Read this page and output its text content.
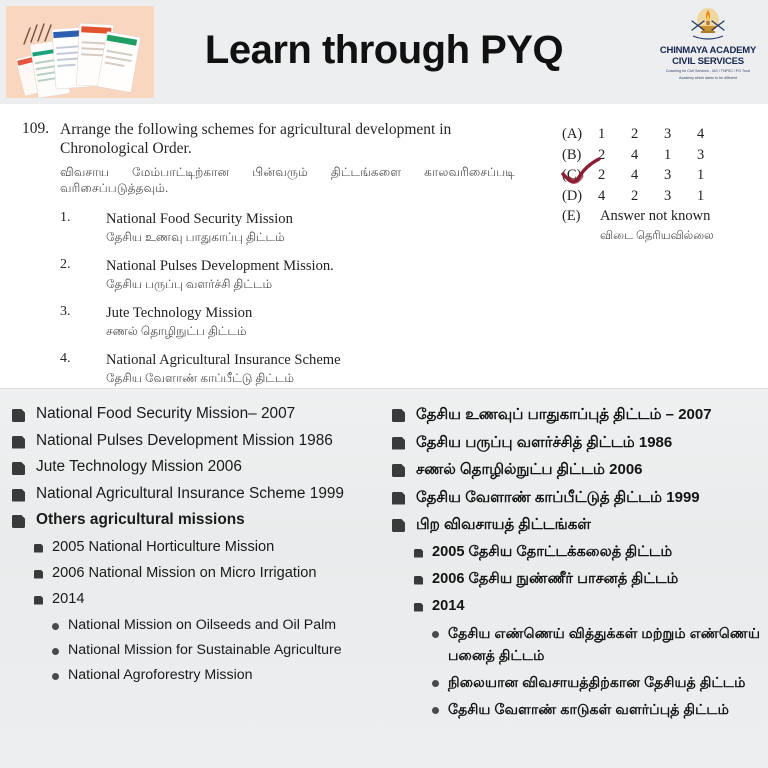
Learn through PYQ	CHINMAYA ACADEMY
CIVIL SERVICES
Coaching for Civil Services - IAS / TNPSC / PG Trust
Academy which dares to be different
109. Arrange the following schemes for agricultural development in Chronological Order.
விவசாய மேம்பாட்டிற்கான பின்வரும் திட்டங்களை காலவரிசைப்படி வரிசைப்படுத்தவும்.
1.	National Food Security Mission
தேசிய உணவு பாதுகாப்பு திட்டம்
2.	National Pulses Development Mission.
தேசிய பருப்பு வளர்ச்சி திட்டம்
3.	Jute Technology Mission
சணல் தொழிநுட்ப திட்டம்
4.	National Agricultural Insurance Scheme
தேசிய வேளாண் காப்பீட்டு திட்டம்
(A)	1	2	3	4
(B)	2	4	1	3
(C)	2	4	3	1
(D)	4	2	3	1
(E)	Answer not known
விடை தெரியவில்லை
National Food Security Mission– 2007
National Pulses Development Mission 1986
Jute Technology Mission 2006
National Agricultural Insurance Scheme 1999
Others agricultural missions
2005 National Horticulture Mission
2006 National Mission on Micro Irrigation
2014
National Mission on Oilseeds and Oil Palm
National Mission for Sustainable Agriculture
National Agroforestry Mission
தேசிய உணவுப் பாதுகாப்புத் திட்டம் – 2007
தேசிய பருப்பு வளர்ச்சித் திட்டம் 1986
சணல் தொழில்நுட்ப திட்டம் 2006
தேசிய வேளாண் காப்பீட்டுத் திட்டம் 1999
பிற விவசாயத் திட்டங்கள்
2005 தேசிய தோட்டக்கலைத் திட்டம்
2006 தேசிய நுண்ணீர் பாசனத் திட்டம்
2014
தேசிய எண்ணெய் வித்துக்கள் மற்றும் எண்ணெய் பனைத் திட்டம்
நிலையான விவசாயத்திற்கான தேசியத் திட்டம்
தேசிய வேளாண் காடுகள் வளர்ப்புத் திட்டம்
